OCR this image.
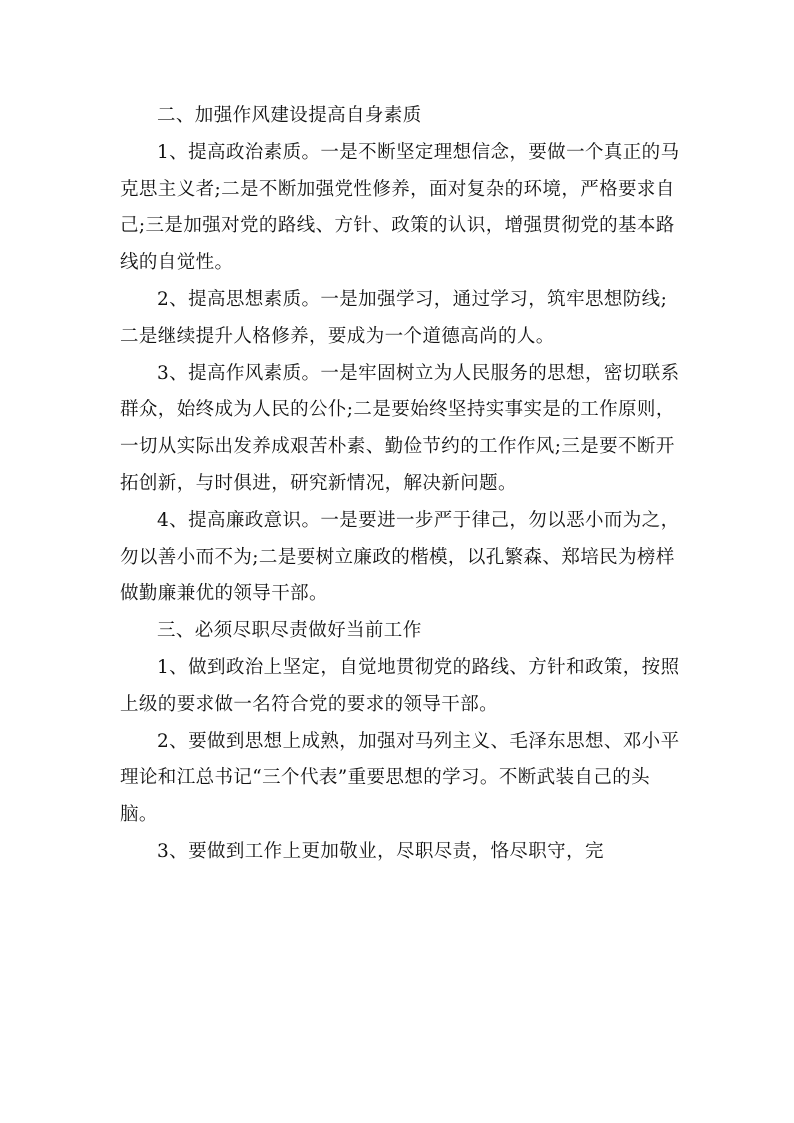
二、加强作风建设提高自身素质

1、提高政治素质。一是不断坚定理想信念，要做一个真正的马克思主义者;二是不断加强党性修养，面对复杂的环境，严格要求自己;三是加强对党的路线、方针、政策的认识，增强贯彻党的基本路线的自觉性。

2、提高思想素质。一是加强学习，通过学习，筑牢思想防线;二是继续提升人格修养，要成为一个道德高尚的人。

3、提高作风素质。一是牢固树立为人民服务的思想，密切联系群众，始终成为人民的公仆;二是要始终坚持实事实是的工作原则，一切从实际出发养成艰苦朴素、勤俭节约的工作作风;三是要不断开拓创新，与时俱进，研究新情况，解决新问题。

4、提高廉政意识。一是要进一步严于律己，勿以恶小而为之，勿以善小而不为;二是要树立廉政的楷模，以孔繁森、郑培民为榜样做勤廉兼优的领导干部。

三、必须尽职尽责做好当前工作

1、做到政治上坚定，自觉地贯彻党的路线、方针和政策，按照上级的要求做一名符合党的要求的领导干部。

2、要做到思想上成熟，加强对马列主义、毛泽东思想、邓小平理论和江总书记“三个代表”重要思想的学习。不断武装自己的头脑。

3、要做到工作上更加敬业，尽职尽责，恪尽职守，完
